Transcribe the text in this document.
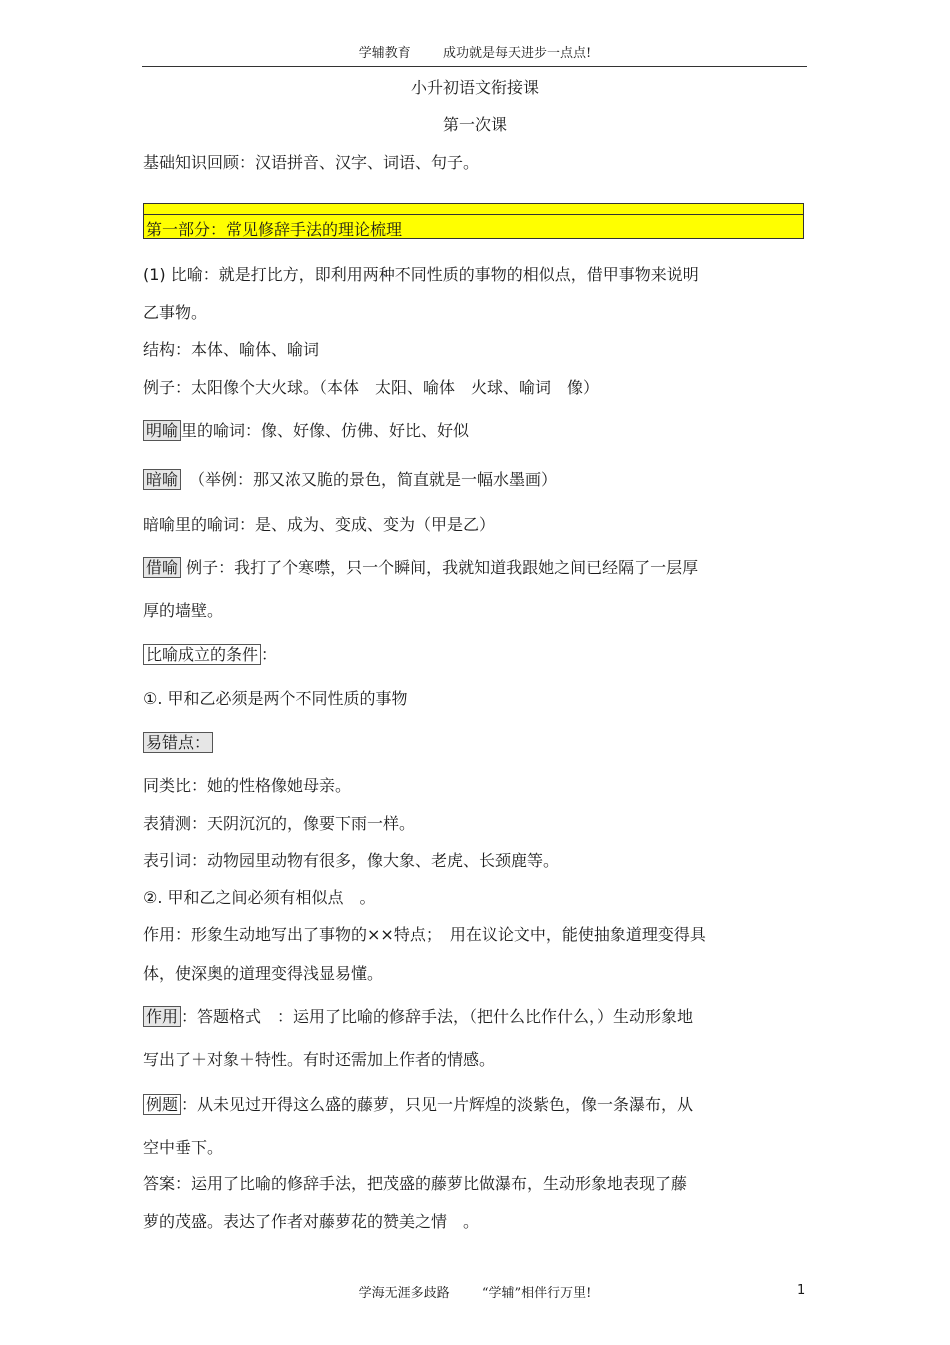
学辅教育 成功就是每天进步一点点!
小升初语文衔接课
第一次课
基础知识回顾：汉语拼音、汉字、词语、句子。
第一部分：常见修辞手法的理论梳理
(1) 比喻：就是打比方，即利用两种不同性质的事物的相似点，借甲事物来说明
乙事物。
结构：本体、喻体、喻词
例子：太阳像个大火球。（本体　太阳、喻体　火球、喻词　像）
明喻 里的喻词：像、好像、仿佛、好比、好似
暗喻　 （举例：那又浓又脆的景色，简直就是一幅水墨画）
暗喻里的喻词：是、成为、变成、变为（甲是乙）
借喻 例子：我打了个寒噤，只一个瞬间，我就知道我跟她之间已经隔了一层厚
厚的墙壁。
比喻成立的条件 ：
①. 甲和乙必须是两个不同性质的事物
易错点：
同类比：她的性格像她母亲。
表猜测：天阴沉沉的，像要下雨一样。
表引词：动物园里动物有很多，像大象、老虎、长颈鹿等。
②. 甲和乙之间必须有相似点　。
作用：形象生动地写出了事物的××特点；　用在议论文中，能使抽象道理变得具
体，使深奥的道理变得浅显易懂。
作用 ：答题格式　：运用了比喻的修辞手法，（把什么比作什么，）生动形象地
写出了＋对象＋特性。有时还需加上作者的情感。
例题 ：从未见过开得这么盛的藤萝，只见一片辉煌的淡紫色，像一条瀑布，从
空中垂下。
答案：运用了比喻的修辞手法，把茂盛的藤萝比做瀑布，生动形象地表现了藤
萝的茂盛。表达了作者对藤萝花的赞美之情　。
学海无涯多歧路 “学辅”相伴行万里!	1
